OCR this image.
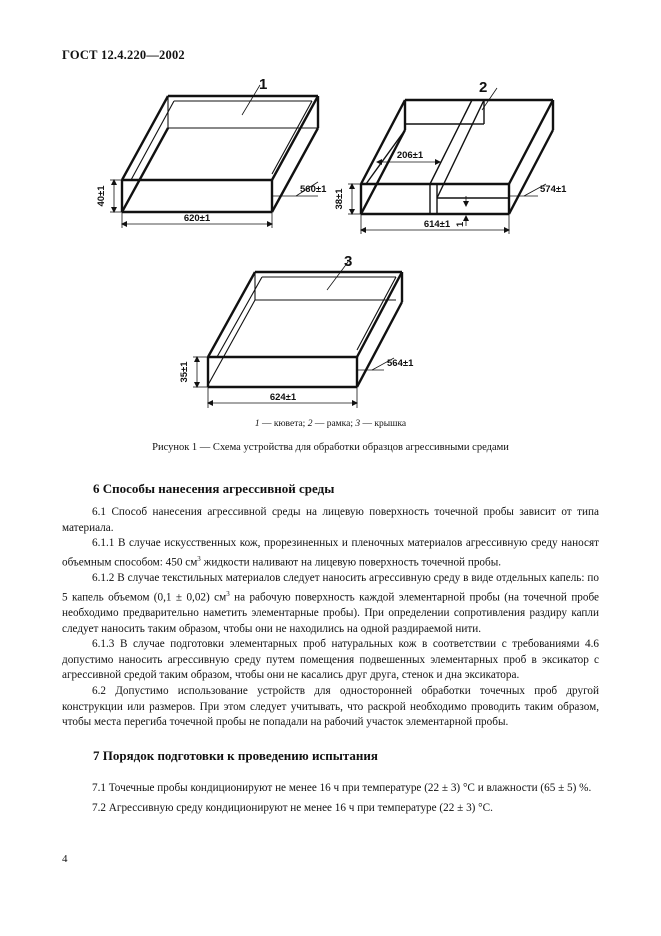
ГОСТ 12.4.220—2002
1
40±1
620±1
560±1
2
206±1
38±1
614±1 1
574±1
3
35±1
624±1
564±1
1 — кювета; 2 — рамка; 3 — крышка
Рисунок 1 — Схема устройства для обработки образцов агрессивными средами
6 Способы нанесения агрессивной среды

6.1 Способ нанесения агрессивной среды на лицевую поверхность точечной пробы зависит от типа материала.

6.1.1 В случае искусственных кож, прорезиненных и пленочных материалов агрессивную среду наносят объемным способом: 450 $см^3$ жидкости наливают на лицевую поверхность точечной пробы.

6.1.2 В случае текстильных материалов следует наносить агрессивную среду в виде отдельных капель: по 5 капель объемом (0,1 ± 0,02) $см^3$ на рабочую поверхность каждой элементарной пробы (на точечной пробе необходимо предварительно наметить элементарные пробы). При определении сопротивления раздиру капли следует наносить таким образом, чтобы они не находились на одной раздираемой нити.

6.1.3 В случае подготовки элементарных проб натуральных кож в соответствии с требованиями 4.6 допустимо наносить агрессивную среду путем помещения подвешенных элементарных проб в эксикатор с агрессивной средой таким образом, чтобы они не касались друг друга, стенок и дна эксикатора.

6.2 Допустимо использование устройств для односторонней обработки точечных проб другой конструкции или размеров. При этом следует учитывать, что раскрой необходимо проводить таким образом, чтобы места перегиба точечной пробы не попадали на рабочий участок элементарной пробы.

7 Порядок подготовки к проведению испытания

7.1 Точечные пробы кондиционируют не менее 16 ч при температуре (22 ± 3) °С и влажности (65 ± 5) %.

7.2 Агрессивную среду кондиционируют не менее 16 ч при температуре (22 ± 3) °С.

4
